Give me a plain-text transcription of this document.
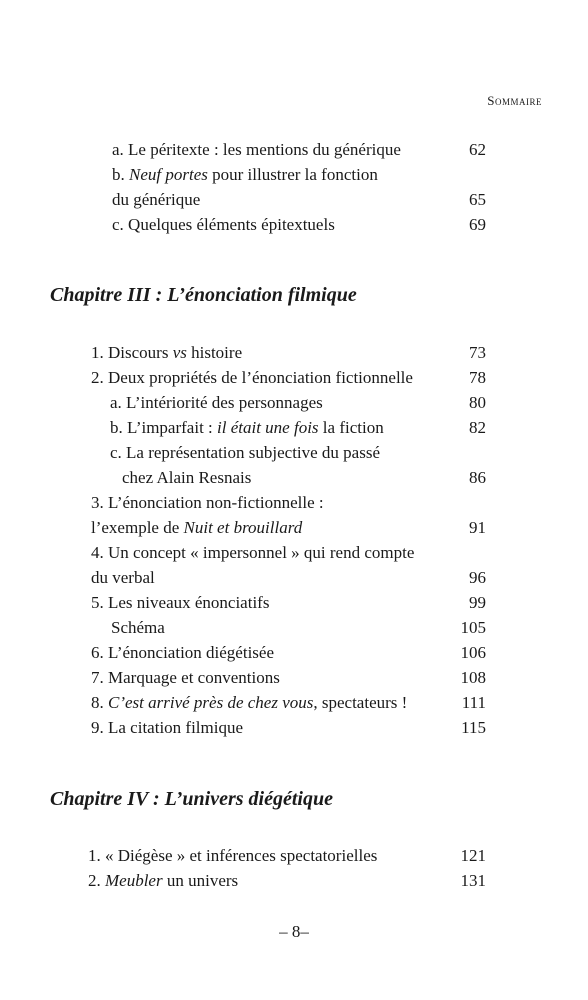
Sommaire
a. Le péritexte : les mentions du générique	62
b. Neuf portes pour illustrer la fonction
du générique	65
c. Quelques éléments épitextuels	69
Chapitre III : L’énonciation filmique
1. Discours vs histoire	73
2. Deux propriétés de l’énonciation fictionnelle	78
a. L’intériorité des personnages	80
b. L’imparfait : il était une fois la fiction	82
c. La représentation subjective du passé
chez Alain Resnais	86
3. L’énonciation non-fictionnelle :
l’exemple de Nuit et brouillard	91
4. Un concept « impersonnel » qui rend compte
du verbal	96
5. Les niveaux énonciatifs	99
Schéma	105
6. L’énonciation diégétisée	106
7. Marquage et conventions	108
8. C’est arrivé près de chez vous, spectateurs !	111
9. La citation filmique	115
Chapitre IV : L’univers diégétique
1. « Diégèse » et inférences spectatorielles	121
2. Meubler un univers	131
– 8–
